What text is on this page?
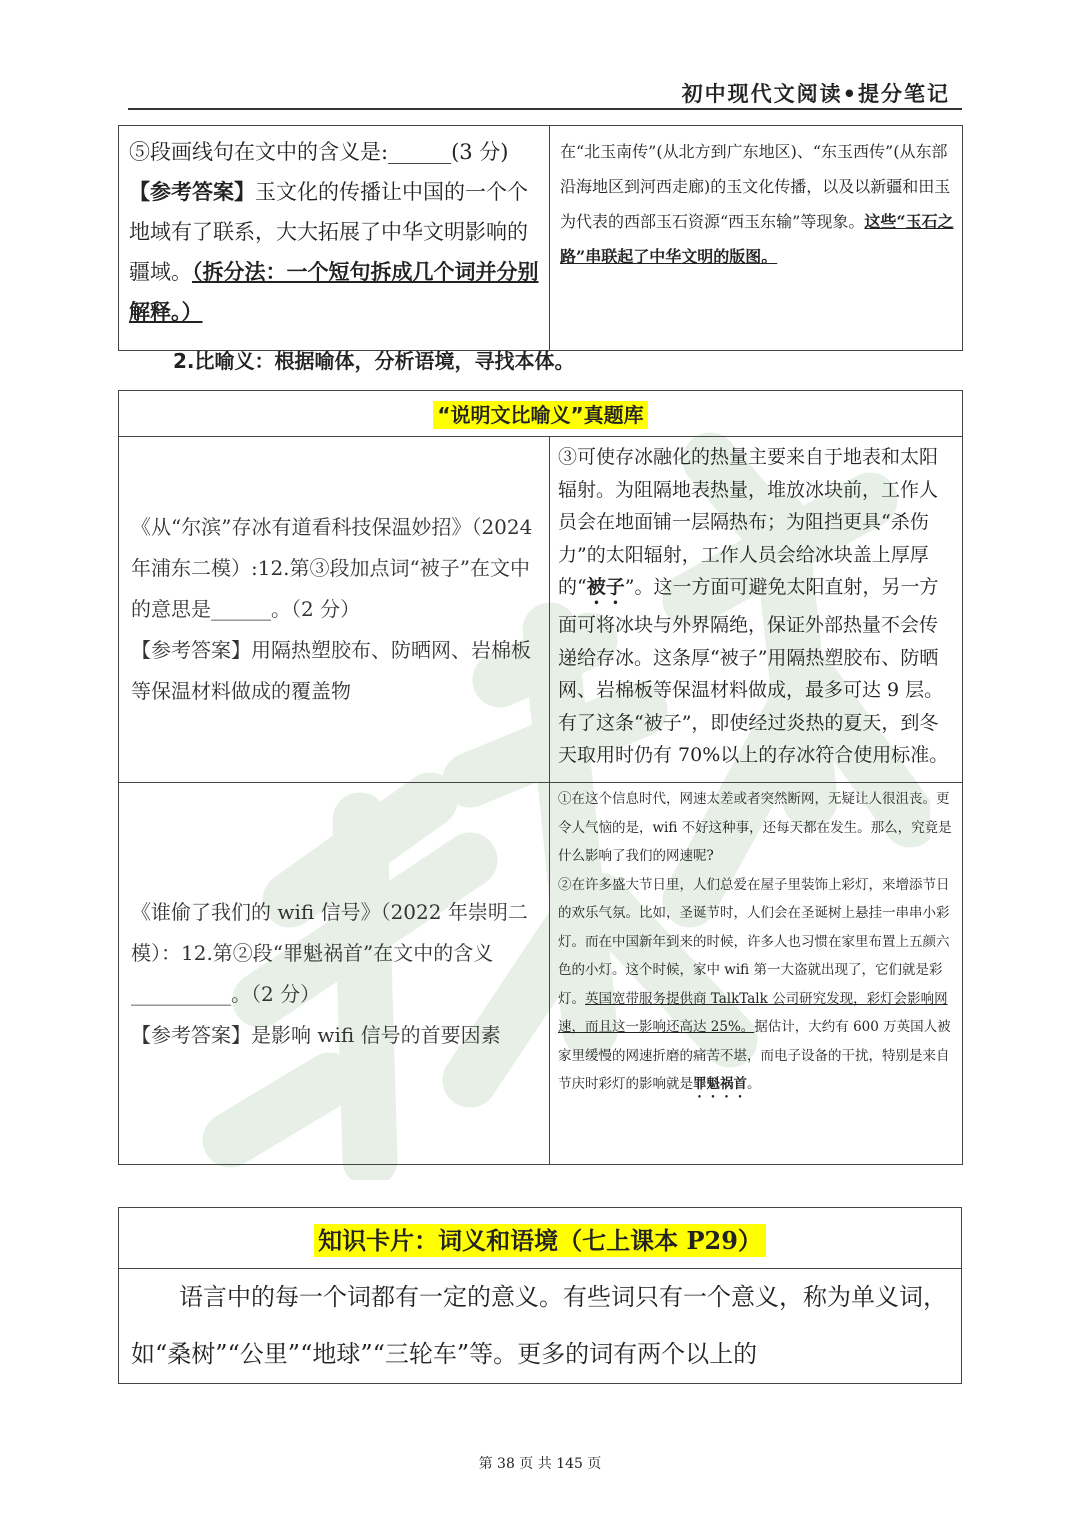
初中现代文阅读•提分笔记
⑤段画线句在文中的含义是:______(3 分)
【参考答案】玉文化的传播让中国的一个个地域有了联系，大大拓展了中华文明影响的疆域。（拆分法：一个短句拆成几个词并分别解释。）	在“北玉南传”(从北方到广东地区)、“东玉西传”(从东部沿海地区到河西走廊)的玉文化传播，以及以新疆和田玉为代表的西部玉石资源“西玉东输”等现象。这些“玉石之路”串联起了中华文明的版图。
2.比喻义：根据喻体，分析语境，寻找本体。
“说明文比喻义”真题库	
《从“尔滨”存冰有道看科技保温妙招》（2024 年浦东二模）:12.第③段加点词“被子”在文中的意思是______。（2 分）
【参考答案】用隔热塑胶布、防晒网、岩棉板等保温材料做成的覆盖物	③可使存冰融化的热量主要来自于地表和太阳辐射。为阻隔地表热量，堆放冰块前，工作人员会在地面铺一层隔热布；为阻挡更具“杀伤力”的太阳辐射，工作人员会给冰块盖上厚厚的“被子”。这一方面可避免太阳直射，另一方面可将冰块与外界隔绝，保证外部热量不会传递给存冰。这条厚“被子”用隔热塑胶布、防晒网、岩棉板等保温材料做成，最多可达 9 层。有了这条“被子”，即使经过炎热的夏天，到冬天取用时仍有 70%以上的存冰符合使用标准。
《谁偷了我们的 wifi 信号》（2022 年崇明二模）：12.第②段“罪魁祸首”在文中的含义__________。（2 分）
【参考答案】是影响 wifi 信号的首要因素	①在这个信息时代，网速太差或者突然断网，无疑让人很沮丧。更令人气恼的是，wifi 不好这种事，还每天都在发生。那么，究竟是什么影响了我们的网速呢?
②在许多盛大节日里，人们总爱在屋子里装饰上彩灯，来增添节日的欢乐气氛。比如，圣诞节时，人们会在圣诞树上悬挂一串串小彩灯。而在中国新年到来的时候，许多人也习惯在家里布置上五颜六色的小灯。这个时候，家中 wifi 第一大盗就出现了，它们就是彩灯。英国宽带服务提供商 TalkTalk 公司研究发现，彩灯会影响网速，而且这一影响还高达 25%。据估计，大约有 600 万英国人被家里缓慢的网速折磨的痛苦不堪，而电子设备的干扰，特别是来自节庆时彩灯的影响就是罪魁祸首。
知识卡片：词义和语境（七上课本 P29）
语言中的每一个词都有一定的意义。有些词只有一个意义，称为单义词，如“桑树”“公里”“地球”“三轮车”等。更多的词有两个以上的
第 38 页 共 145 页
